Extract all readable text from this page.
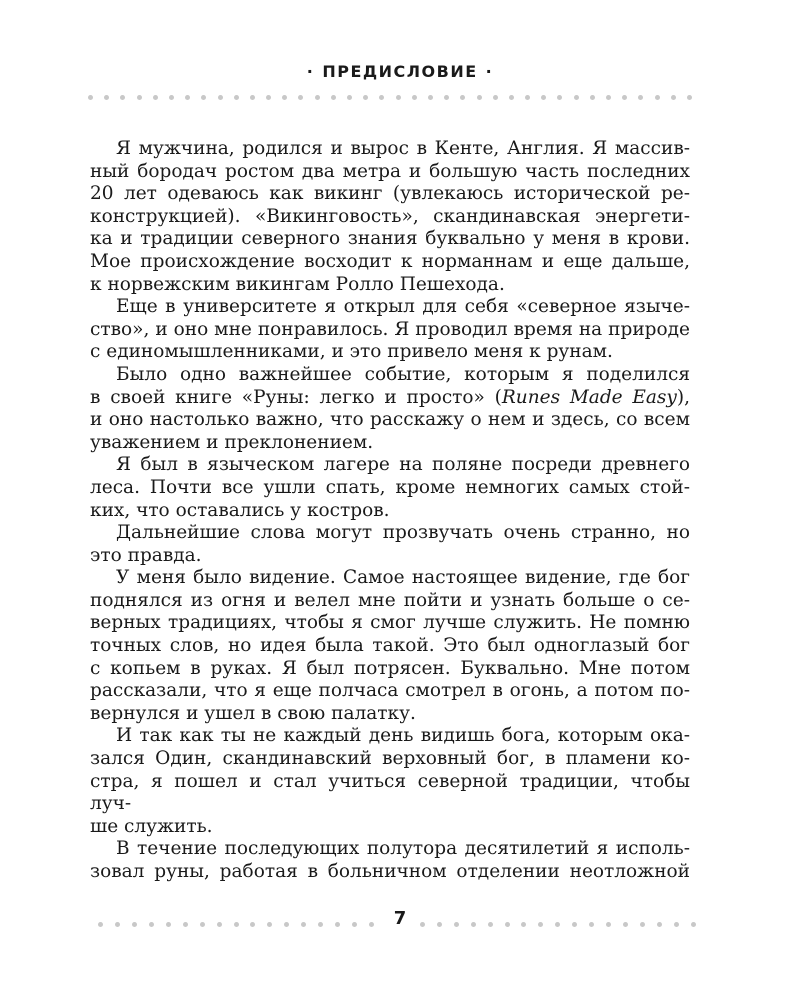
· ПРЕДИСЛОВИЕ ·

Я мужчина, родился и вырос в Кенте, Англия. Я массив-
ный бородач ростом два метра и большую часть последних
20 лет одеваюсь как викинг (увлекаюсь исторической ре-
конструкцией). «Викинговость», скандинавская энергети-
ка и традиции северного знания буквально у меня в крови.
Мое происхождение восходит к норманнам и еще дальше,
к норвежским викингам Ролло Пешехода.

Еще в университете я открыл для себя «северное язычe-
ство», и оно мне понравилось. Я проводил время на природе
с единомышленниками, и это привело меня к рунам.

Было одно важнейшее событие, которым я поделился
в своей книге «Руны: легко и просто» (Runes Made Easy),
и оно настолько важно, что расскажу о нем и здесь, со всем
уважением и преклонением.

Я был в языческом лагере на поляне посреди древнего
леса. Почти все ушли спать, кроме немногих самых стой-
ких, что оставались у костров.

Дальнейшие слова могут прозвучать очень странно, но
это правда.

У меня было видение. Самое настоящее видение, где бог
поднялся из огня и велел мне пойти и узнать больше о се-
верных традициях, чтобы я смог лучше служить. Не помню
точных слов, но идея была такой. Это был одноглазый бог
с копьем в руках. Я был потрясен. Буквально. Мне потом
рассказали, что я еще полчаса смотрел в огонь, а потом по-
вернулся и ушел в свою палатку.

И так как ты не каждый день видишь бога, которым ока-
зался Один, скандинавский верховный бог, в пламени ко-
стра, я пошел и стал учиться северной традиции, чтобы луч-
ше служить.

В течение последующих полутора десятилетий я исполь-
зовал руны, работая в больничном отделении неотложной

7
